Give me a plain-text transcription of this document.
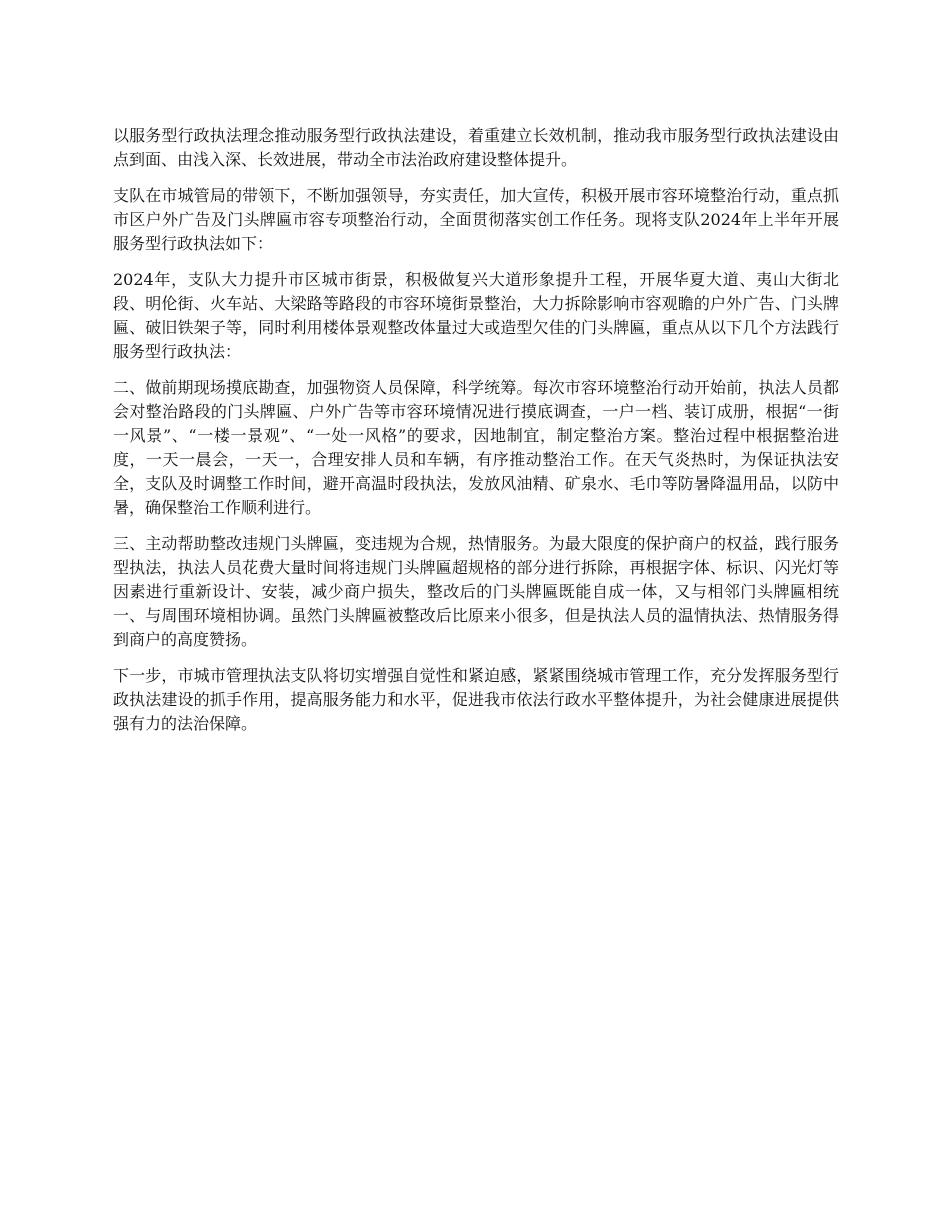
以服务型行政执法理念推动服务型行政执法建设，着重建立长效机制，推动我市服务型行政执法建设由点到面、由浅入深、长效进展，带动全市法治政府建设整体提升。

支队在市城管局的带领下，不断加强领导，夯实责任，加大宣传，积极开展市容环境整治行动，重点抓市区户外广告及门头牌匾市容专项整治行动，全面贯彻落实创工作任务。现将支队2024年上半年开展服务型行政执法如下：

2024年，支队大力提升市区城市街景，积极做复兴大道形象提升工程，开展华夏大道、夷山大街北段、明伦街、火车站、大梁路等路段的市容环境街景整治，大力拆除影响市容观瞻的户外广告、门头牌匾、破旧铁架子等，同时利用楼体景观整改体量过大或造型欠佳的门头牌匾，重点从以下几个方法践行服务型行政执法：

二、做前期现场摸底勘查，加强物资人员保障，科学统筹。每次市容环境整治行动开始前，执法人员都会对整治路段的门头牌匾、户外广告等市容环境情况进行摸底调查，一户一档、装订成册，根据“一街一风景”、“一楼一景观”、“一处一风格”的要求，因地制宜，制定整治方案。整治过程中根据整治进度，一天一晨会，一天一，合理安排人员和车辆，有序推动整治工作。在天气炎热时，为保证执法安全，支队及时调整工作时间，避开高温时段执法，发放风油精、矿泉水、毛巾等防暑降温用品，以防中暑，确保整治工作顺利进行。

三、主动帮助整改违规门头牌匾，变违规为合规，热情服务。为最大限度的保护商户的权益，践行服务型执法，执法人员花费大量时间将违规门头牌匾超规格的部分进行拆除，再根据字体、标识、闪光灯等因素进行重新设计、安装，减少商户损失，整改后的门头牌匾既能自成一体，又与相邻门头牌匾相统一、与周围环境相协调。虽然门头牌匾被整改后比原来小很多，但是执法人员的温情执法、热情服务得到商户的高度赞扬。

下一步，市城市管理执法支队将切实增强自觉性和紧迫感，紧紧围绕城市管理工作，充分发挥服务型行政执法建设的抓手作用，提高服务能力和水平，促进我市依法行政水平整体提升，为社会健康进展提供强有力的法治保障。
